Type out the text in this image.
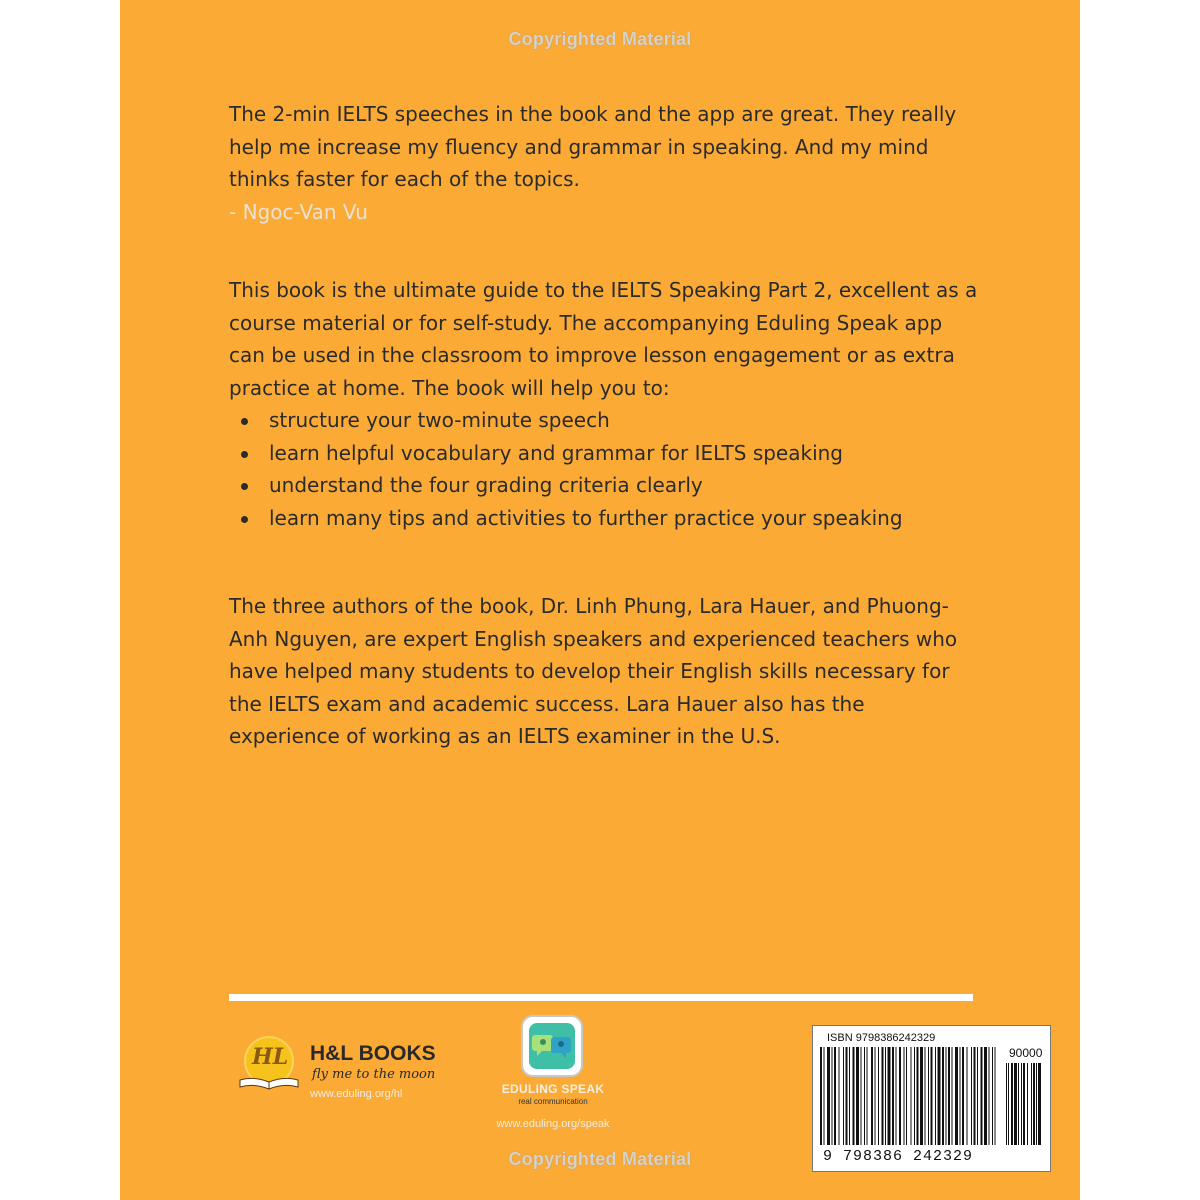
Copyrighted Material

The 2-min IELTS speeches in the book and the app are great. They really

help me increase my fluency and grammar in speaking. And my mind

thinks faster for each of the topics.

- Ngoc-Van Vu

This book is the ultimate guide to the IELTS Speaking Part 2, excellent as a

course material or for self-study. The accompanying Eduling Speak app

can be used in the classroom to improve lesson engagement or as extra

practice at home. The book will help you to:

structure your two-minute speech
learn helpful vocabulary and grammar for IELTS speaking
understand the four grading criteria clearly
learn many tips and activities to further practice your speaking

The three authors of the book, Dr. Linh Phung, Lara Hauer, and Phuong-

Anh Nguyen, are expert English speakers and experienced teachers who

have helped many students to develop their English skills necessary for

the IELTS exam and academic success. Lara Hauer also has the

experience of working as an IELTS examiner in the U.S.

HL H&L BOOKS
fly me to the moon
www.eduling.org/hl	EDULING SPEAK
real communication
www.eduling.org/speak
Copyrighted Material
ISBN 9798386242329
90000
9 798386 242329
